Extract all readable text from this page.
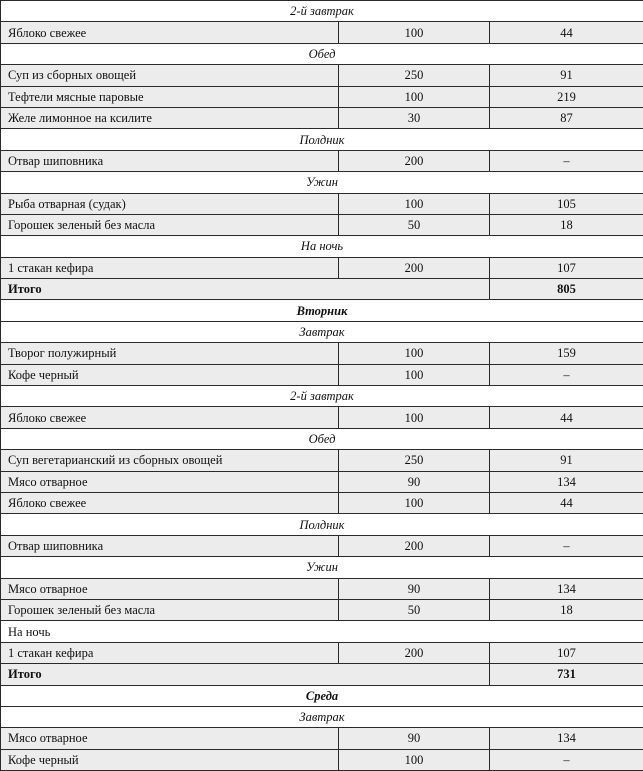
2-й завтрак		
Яблоко свежее	100	44
Обед		
Суп из сборных овощей	250	91
Тефтели мясные паровые	100	219
Желе лимонное на ксилите	30	87
Полдник		
Отвар шиповника	200	–
Ужин		
Рыба отварная (судак)	100	105
Горошек зеленый без масла	50	18
На ночь		
1 стакан кефира	200	107
Итого		805
Вторник		
Завтрак		
Творог полужирный	100	159
Кофе черный	100	–
2-й завтрак		
Яблоко свежее	100	44
Обед		
Суп вегетарианский из сборных овощей	250	91
Мясо отварное	90	134
Яблоко свежее	100	44
Полдник		
Отвар шиповника	200	–
Ужин		
Мясо отварное	90	134
Горошек зеленый без масла	50	18
На ночь		
1 стакан кефира	200	107
Итого		731
Среда		
Завтрак		
Мясо отварное	90	134
Кофе черный	100	–
